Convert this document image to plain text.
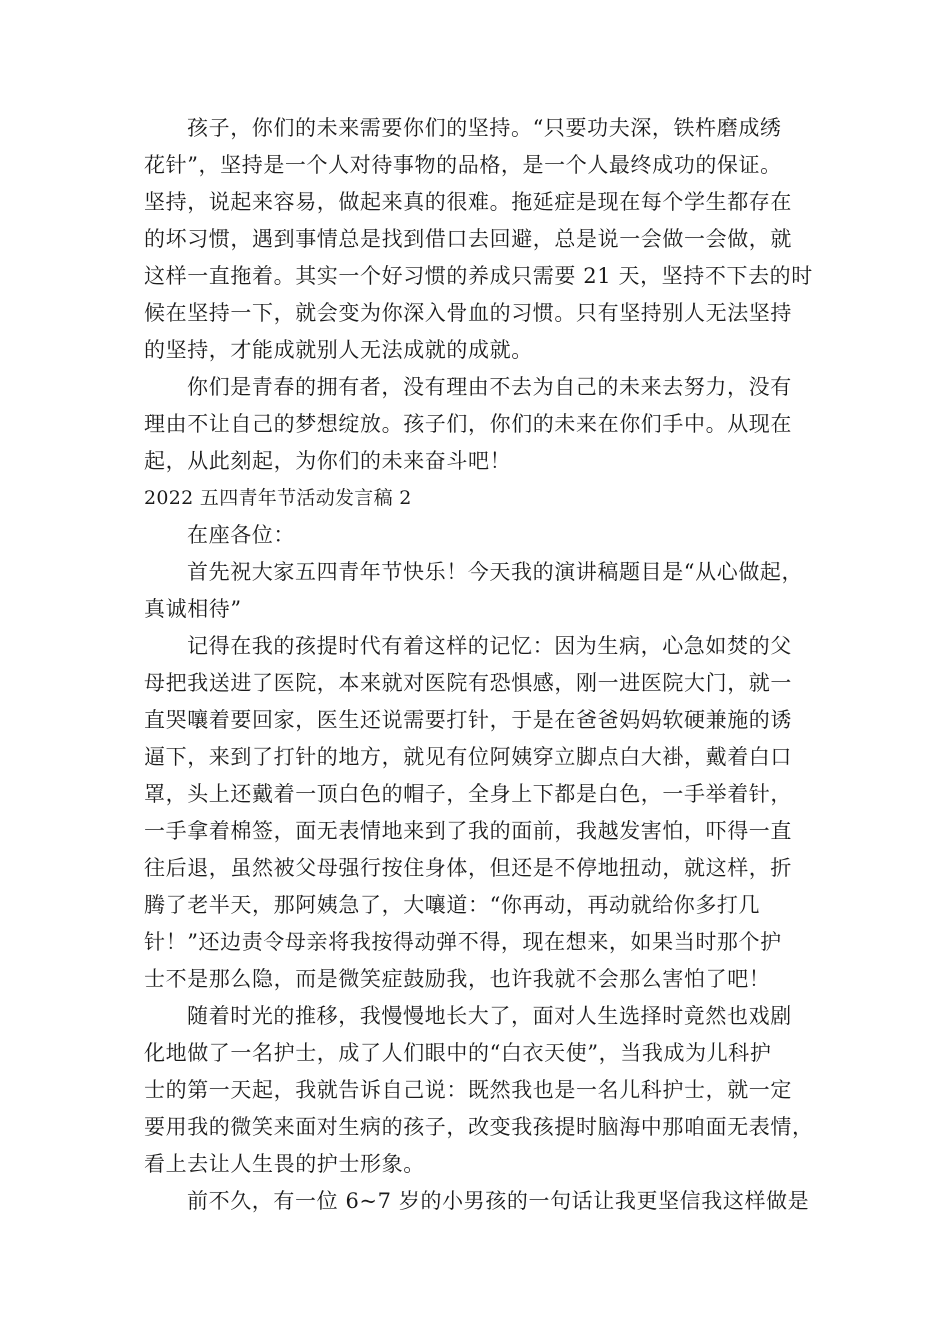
孩子，你们的未来需要你们的坚持。“只要功夫深，铁杵磨成绣
花针”，坚持是一个人对待事物的品格，是一个人最终成功的保证。
坚持，说起来容易，做起来真的很难。拖延症是现在每个学生都存在
的坏习惯，遇到事情总是找到借口去回避，总是说一会做一会做，就
这样一直拖着。其实一个好习惯的养成只需要 21 天，坚持不下去的时
候在坚持一下，就会变为你深入骨血的习惯。只有坚持别人无法坚持
的坚持，才能成就别人无法成就的成就。
你们是青春的拥有者，没有理由不去为自己的未来去努力，没有
理由不让自己的梦想绽放。孩子们，你们的未来在你们手中。从现在
起，从此刻起，为你们的未来奋斗吧！
2022 五四青年节活动发言稿 2
在座各位：
首先祝大家五四青年节快乐！今天我的演讲稿题目是“从心做起，
真诚相待”
记得在我的孩提时代有着这样的记忆：因为生病，心急如焚的父
母把我送进了医院，本来就对医院有恐惧感，刚一进医院大门，就一
直哭嚷着要回家，医生还说需要打针，于是在爸爸妈妈软硬兼施的诱
逼下，来到了打针的地方，就见有位阿姨穿立脚点白大褂，戴着白口
罩，头上还戴着一顶白色的帽子，全身上下都是白色，一手举着针，
一手拿着棉签，面无表情地来到了我的面前，我越发害怕，吓得一直
往后退，虽然被父母强行按住身体，但还是不停地扭动，就这样，折
腾了老半天，那阿姨急了，大嚷道：“你再动，再动就给你多打几
针！”还边责令母亲将我按得动弹不得，现在想来，如果当时那个护
士不是那么隐，而是微笑症鼓励我，也许我就不会那么害怕了吧！
随着时光的推移，我慢慢地长大了，面对人生选择时竟然也戏剧
化地做了一名护士，成了人们眼中的“白衣天使”，当我成为儿科护
士的第一天起，我就告诉自己说：既然我也是一名儿科护士，就一定
要用我的微笑来面对生病的孩子，改变我孩提时脑海中那咱面无表情，
看上去让人生畏的护士形象。
前不久，有一位 6~7 岁的小男孩的一句话让我更坚信我这样做是
